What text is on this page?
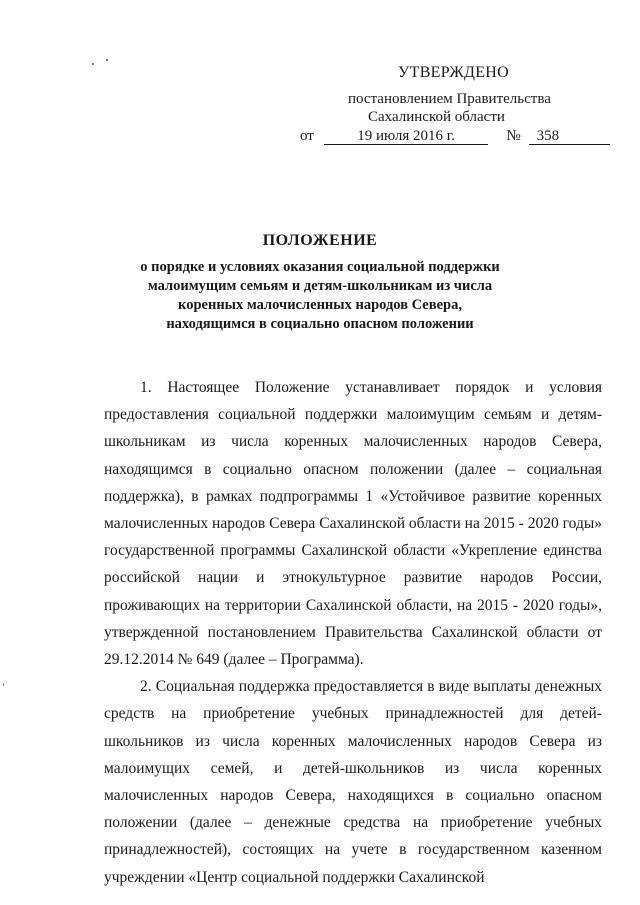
УТВЕРЖДЕНО
постановлением Правительства
Сахалинской области
от	19 июля 2016 г.	№	358
ПОЛОЖЕНИЕ
о порядке и условиях оказания социальной поддержки
малоимущим семьям и детям-школьникам из числа
коренных малочисленных народов Севера,
находящимся в социально опасном положении

1. Настоящее Положение устанавливает порядок и условия предоставления социальной поддержки малоимущим семьям и детям-школьникам из числа коренных малочисленных народов Севера, находящимся в социально опасном положении (далее – социальная поддержка), в рамках подпрограммы 1 «Устойчивое развитие коренных малочисленных народов Севера Сахалинской области на 2015 - 2020 годы» государственной программы Сахалинской области «Укрепление единства российской нации и этнокультурное развитие народов России, проживающих на территории Сахалинской области, на 2015 - 2020 годы», утвержденной постановлением Правительства Сахалинской области от 29.12.2014 № 649 (далее – Программа).

2. Социальная поддержка предоставляется в виде выплаты денежных средств на приобретение учебных принадлежностей для детей-школьников из числа коренных малочисленных народов Севера из малоимущих семей, и детей-школьников из числа коренных малочисленных народов Севера, находящихся в социально опасном положении (далее – денежные средства на приобретение учебных принадлежностей), состоящих на учете в государственном казенном учреждении «Центр социальной поддержки Сахалинской
